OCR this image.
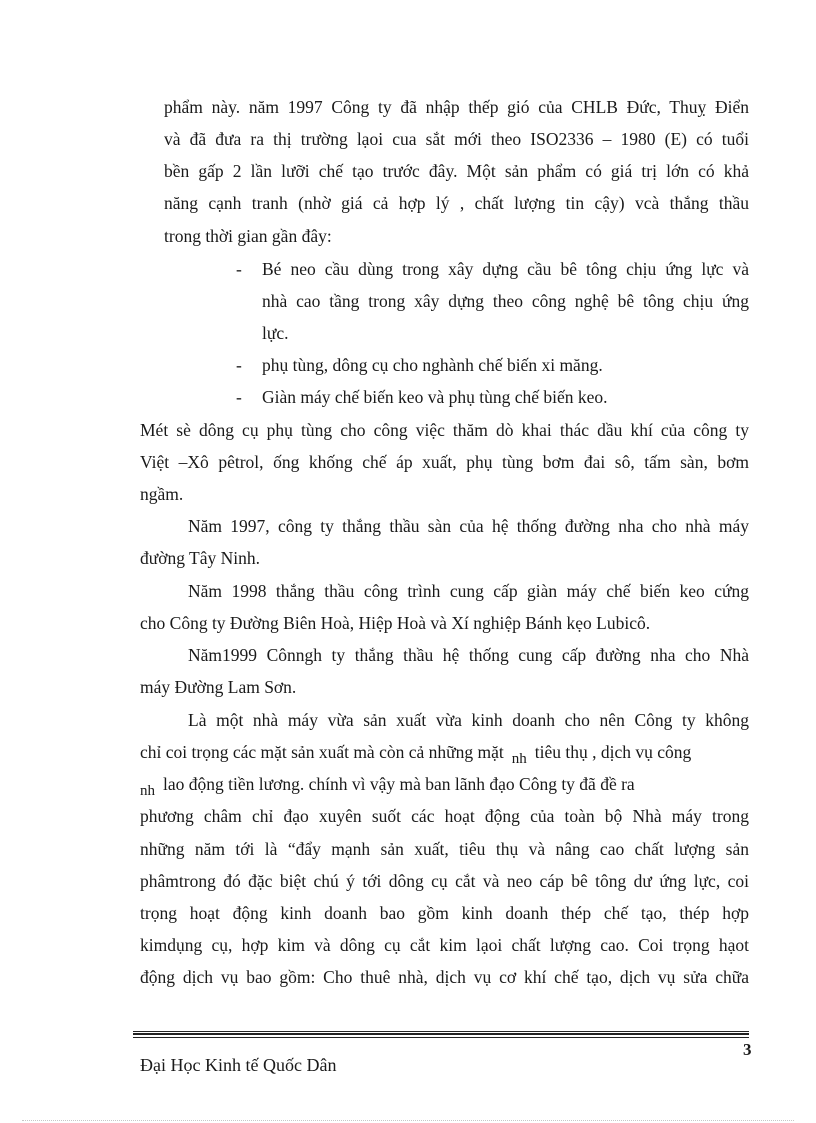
phẩm này. năm 1997 Công ty đã nhập thếp gió của CHLB Đức, Thuỵ Điển
và đã đưa ra thị trường lạoi cua sắt mới theo ISO2336 – 1980 (E) có tuổi
bền gấp 2 lần lưỡi chế tạo trước đây. Một sản phẩm có giá trị lớn có khả
năng cạnh tranh (nhờ giá cả hợp lý , chất lượng tin cậy) vcà thắng thầu
trong thời gian gần đây:
- Bé neo cầu dùng trong xây dựng cầu bê tông chịu ứng lực và
nhà cao tầng trong xây dựng theo công nghệ bê tông chịu ứng
lực.
- phụ tùng, dông cụ cho nghành chế biến xi măng.
- Giàn máy chế biến keo và phụ tùng chế biến keo.
Mét sè dông cụ phụ tùng cho công việc thăm dò khai thác dầu khí của công ty
Việt –Xô pêtrol, ống khống chế áp xuất, phụ tùng bơm đai sô, tấm sàn, bơm
ngầm.
Năm 1997, công ty thắng thầu sàn của hệ thống đường nha cho nhà máy
đường Tây Ninh.
Năm 1998 thắng thầu công trình cung cấp giàn máy chế biến keo cứng
cho Công ty Đường Biên Hoà, Hiệp Hoà và Xí nghiệp Bánh kẹo Lubicô.
Năm1999 Cônngh ty thắng thầu hệ thống cung cấp đường nha cho Nhà
máy Đường Lam Sơn.
Là một nhà máy vừa sản xuất vừa kinh doanh cho nên Công ty không
chỉ coi trọng các mặt sản xuất mà còn cả những mặt nh tiêu thụ , dịch vụ công
nh lao động tiền lương. chính vì vậy mà ban lãnh đạo Công ty đã đề ra
phương châm chỉ đạo xuyên suốt các hoạt động của toàn bộ Nhà máy trong
những năm tới là “đẩy mạnh sản xuất, tiêu thụ và nâng cao chất lượng sản
phâmtrong đó đặc biệt chú ý tới dông cụ cắt và neo cáp bê tông dư ứng lực, coi
trọng hoạt động kinh doanh bao gồm kinh doanh thép chế tạo, thép hợp
kimdụng cụ, hợp kim và dông cụ cắt kim lạoi chất lượng cao. Coi trọng hạot
động dịch vụ bao gồm: Cho thuê nhà, dịch vụ cơ khí chế tạo, dịch vụ sửa chữa
3
Đại Học Kinh tế Quốc Dân
